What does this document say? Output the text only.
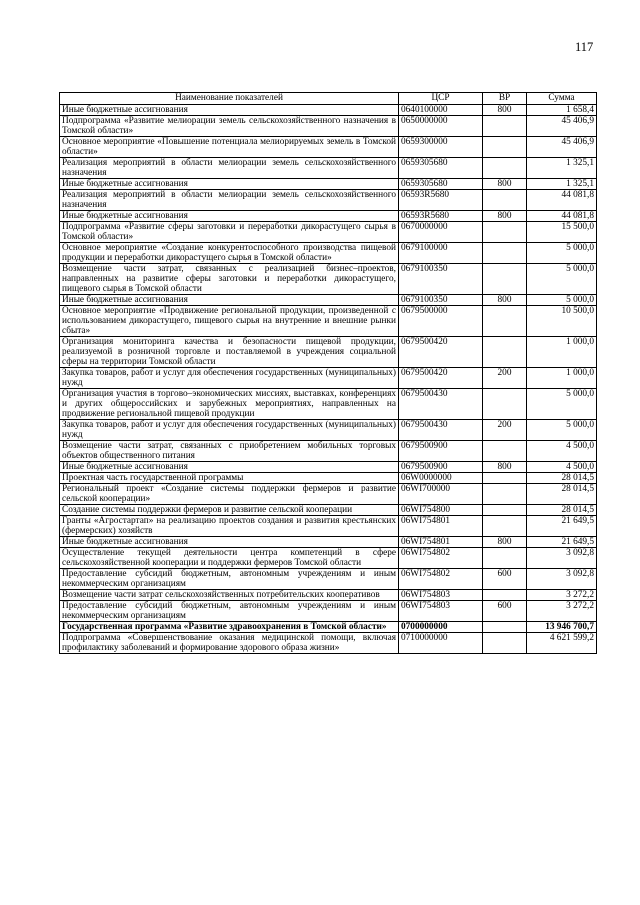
117
Наименование показателей	ЦСР	ВР	Сумма
Иные бюджетные ассигнования	0640100000	800	1 658,4
Подпрограмма «Развитие мелиорации земель сельскохозяйственного назначения в Томской области»	0650000000		45 406,9
Основное мероприятие «Повышение потенциала мелиорируемых земель в Томской области»	0659300000		45 406,9
Реализация мероприятий в области мелиорации земель сельскохозяйственного назначения	0659305680		1 325,1
Иные бюджетные ассигнования	0659305680	800	1 325,1
Реализация мероприятий в области мелиорации земель сельскохозяйственного назначения	06593R5680		44 081,8
Иные бюджетные ассигнования	06593R5680	800	44 081,8
Подпрограмма «Развитие сферы заготовки и переработки дикорастущего сырья в Томской области»	0670000000		15 500,0
Основное мероприятие «Создание конкурентоспособного производства пищевой продукции и переработки дикорастущего сырья в Томской области»	0679100000		5 000,0
Возмещение части затрат, связанных с реализацией бизнес–проектов, направленных на развитие сферы заготовки и переработки дикорастущего, пищевого сырья в Томской области	0679100350		5 000,0
Иные бюджетные ассигнования	0679100350	800	5 000,0
Основное мероприятие «Продвижение региональной продукции, произведенной с использованием дикорастущего, пищевого сырья на внутренние и внешние рынки сбыта»	0679500000		10 500,0
Организация мониторинга качества и безопасности пищевой продукции, реализуемой в розничной торговле и поставляемой в учреждения социальной сферы на территории Томской области	0679500420		1 000,0
Закупка товаров, работ и услуг для обеспечения государственных (муниципальных) нужд	0679500420	200	1 000,0
Организация участия в торгово–экономических миссиях, выставках, конференциях и других общероссийских и зарубежных мероприятиях, направленных на продвижение региональной пищевой продукции	0679500430		5 000,0
Закупка товаров, работ и услуг для обеспечения государственных (муниципальных) нужд	0679500430	200	5 000,0
Возмещение части затрат, связанных с приобретением мобильных торговых объектов общественного питания	0679500900		4 500,0
Иные бюджетные ассигнования	0679500900	800	4 500,0
Проектная часть государственной программы	06W0000000		28 014,5
Региональный проект «Создание системы поддержки фермеров и развитие сельской кооперации»	06WI700000		28 014,5
Создание системы поддержки фермеров и развитие сельской кооперации	06WI754800		28 014,5
Гранты «Агростартап» на реализацию проектов создания и развития крестьянских (фермерских) хозяйств	06WI754801		21 649,5
Иные бюджетные ассигнования	06WI754801	800	21 649,5
Осуществление текущей деятельности центра компетенций в сфере сельскохозяйственной кооперации и поддержки фермеров Томской области	06WI754802		3 092,8
Предоставление субсидий бюджетным, автономным учреждениям и иным некоммерческим организациям	06WI754802	600	3 092,8
Возмещение части затрат сельскохозяйственных потребительских кооперативов	06WI754803		3 272,2
Предоставление субсидий бюджетным, автономным учреждениям и иным некоммерческим организациям	06WI754803	600	3 272,2
Государственная программа «Развитие здравоохранения в Томской области»	0700000000		13 946 700,7
Подпрограмма «Совершенствование оказания медицинской помощи, включая профилактику заболеваний и формирование здорового образа жизни»	0710000000		4 621 599,2
